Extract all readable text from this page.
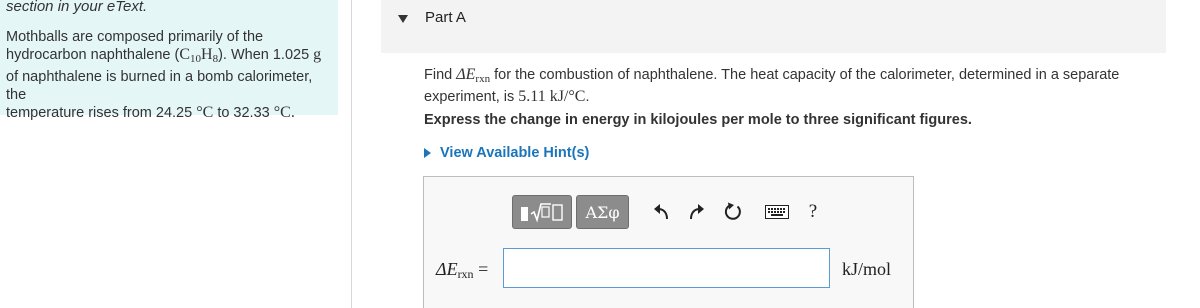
section in your eText.
Mothballs are composed primarily of the
hydrocarbon naphthalene $(C_{10}H_8)$. When 1.025 g
of naphthalene is burned in a bomb calorimeter, the
temperature rises from 24.25 °C to 32.33 °C.
Part A
Find $\Delta E_{rxn}$ for the combustion of naphthalene. The heat capacity of the calorimeter, determined in a separate
experiment, is 5.11 kJ/°C.
Express the change in energy in kilojoules per mole to three significant figures.
View Available Hint(s)
ΑΣφ	?
$\Delta E_{rxn}$ =	kJ/mol
